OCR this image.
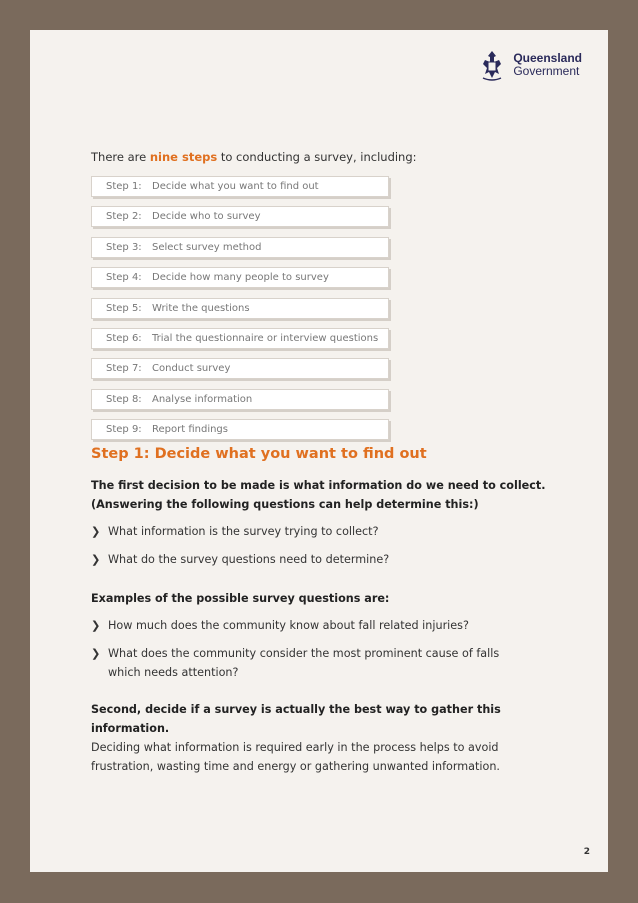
Queensland
Government
There are nine steps to conducting a survey, including:
Step 1:	Decide what you want to find out
Step 2:	Decide who to survey
Step 3:	Select survey method
Step 4:	Decide how many people to survey
Step 5:	Write the questions
Step 6:	Trial the questionnaire or interview questions
Step 7:	Conduct survey
Step 8:	Analyse information
Step 9:	Report findings
Step 1: Decide what you want to find out
The first decision to be made is what information do we need to collect.
(Answering the following questions can help determine this:)
❯ What information is the survey trying to collect?
❯ What do the survey questions need to determine?
Examples of the possible survey questions are:
❯ How much does the community know about fall related injuries?
❯ What does the community consider the most prominent cause of falls which needs attention?
Second, decide if a survey is actually the best way to gather this information.
Deciding what information is required early in the process helps to avoid frustration, wasting time and energy or gathering unwanted information.
2
